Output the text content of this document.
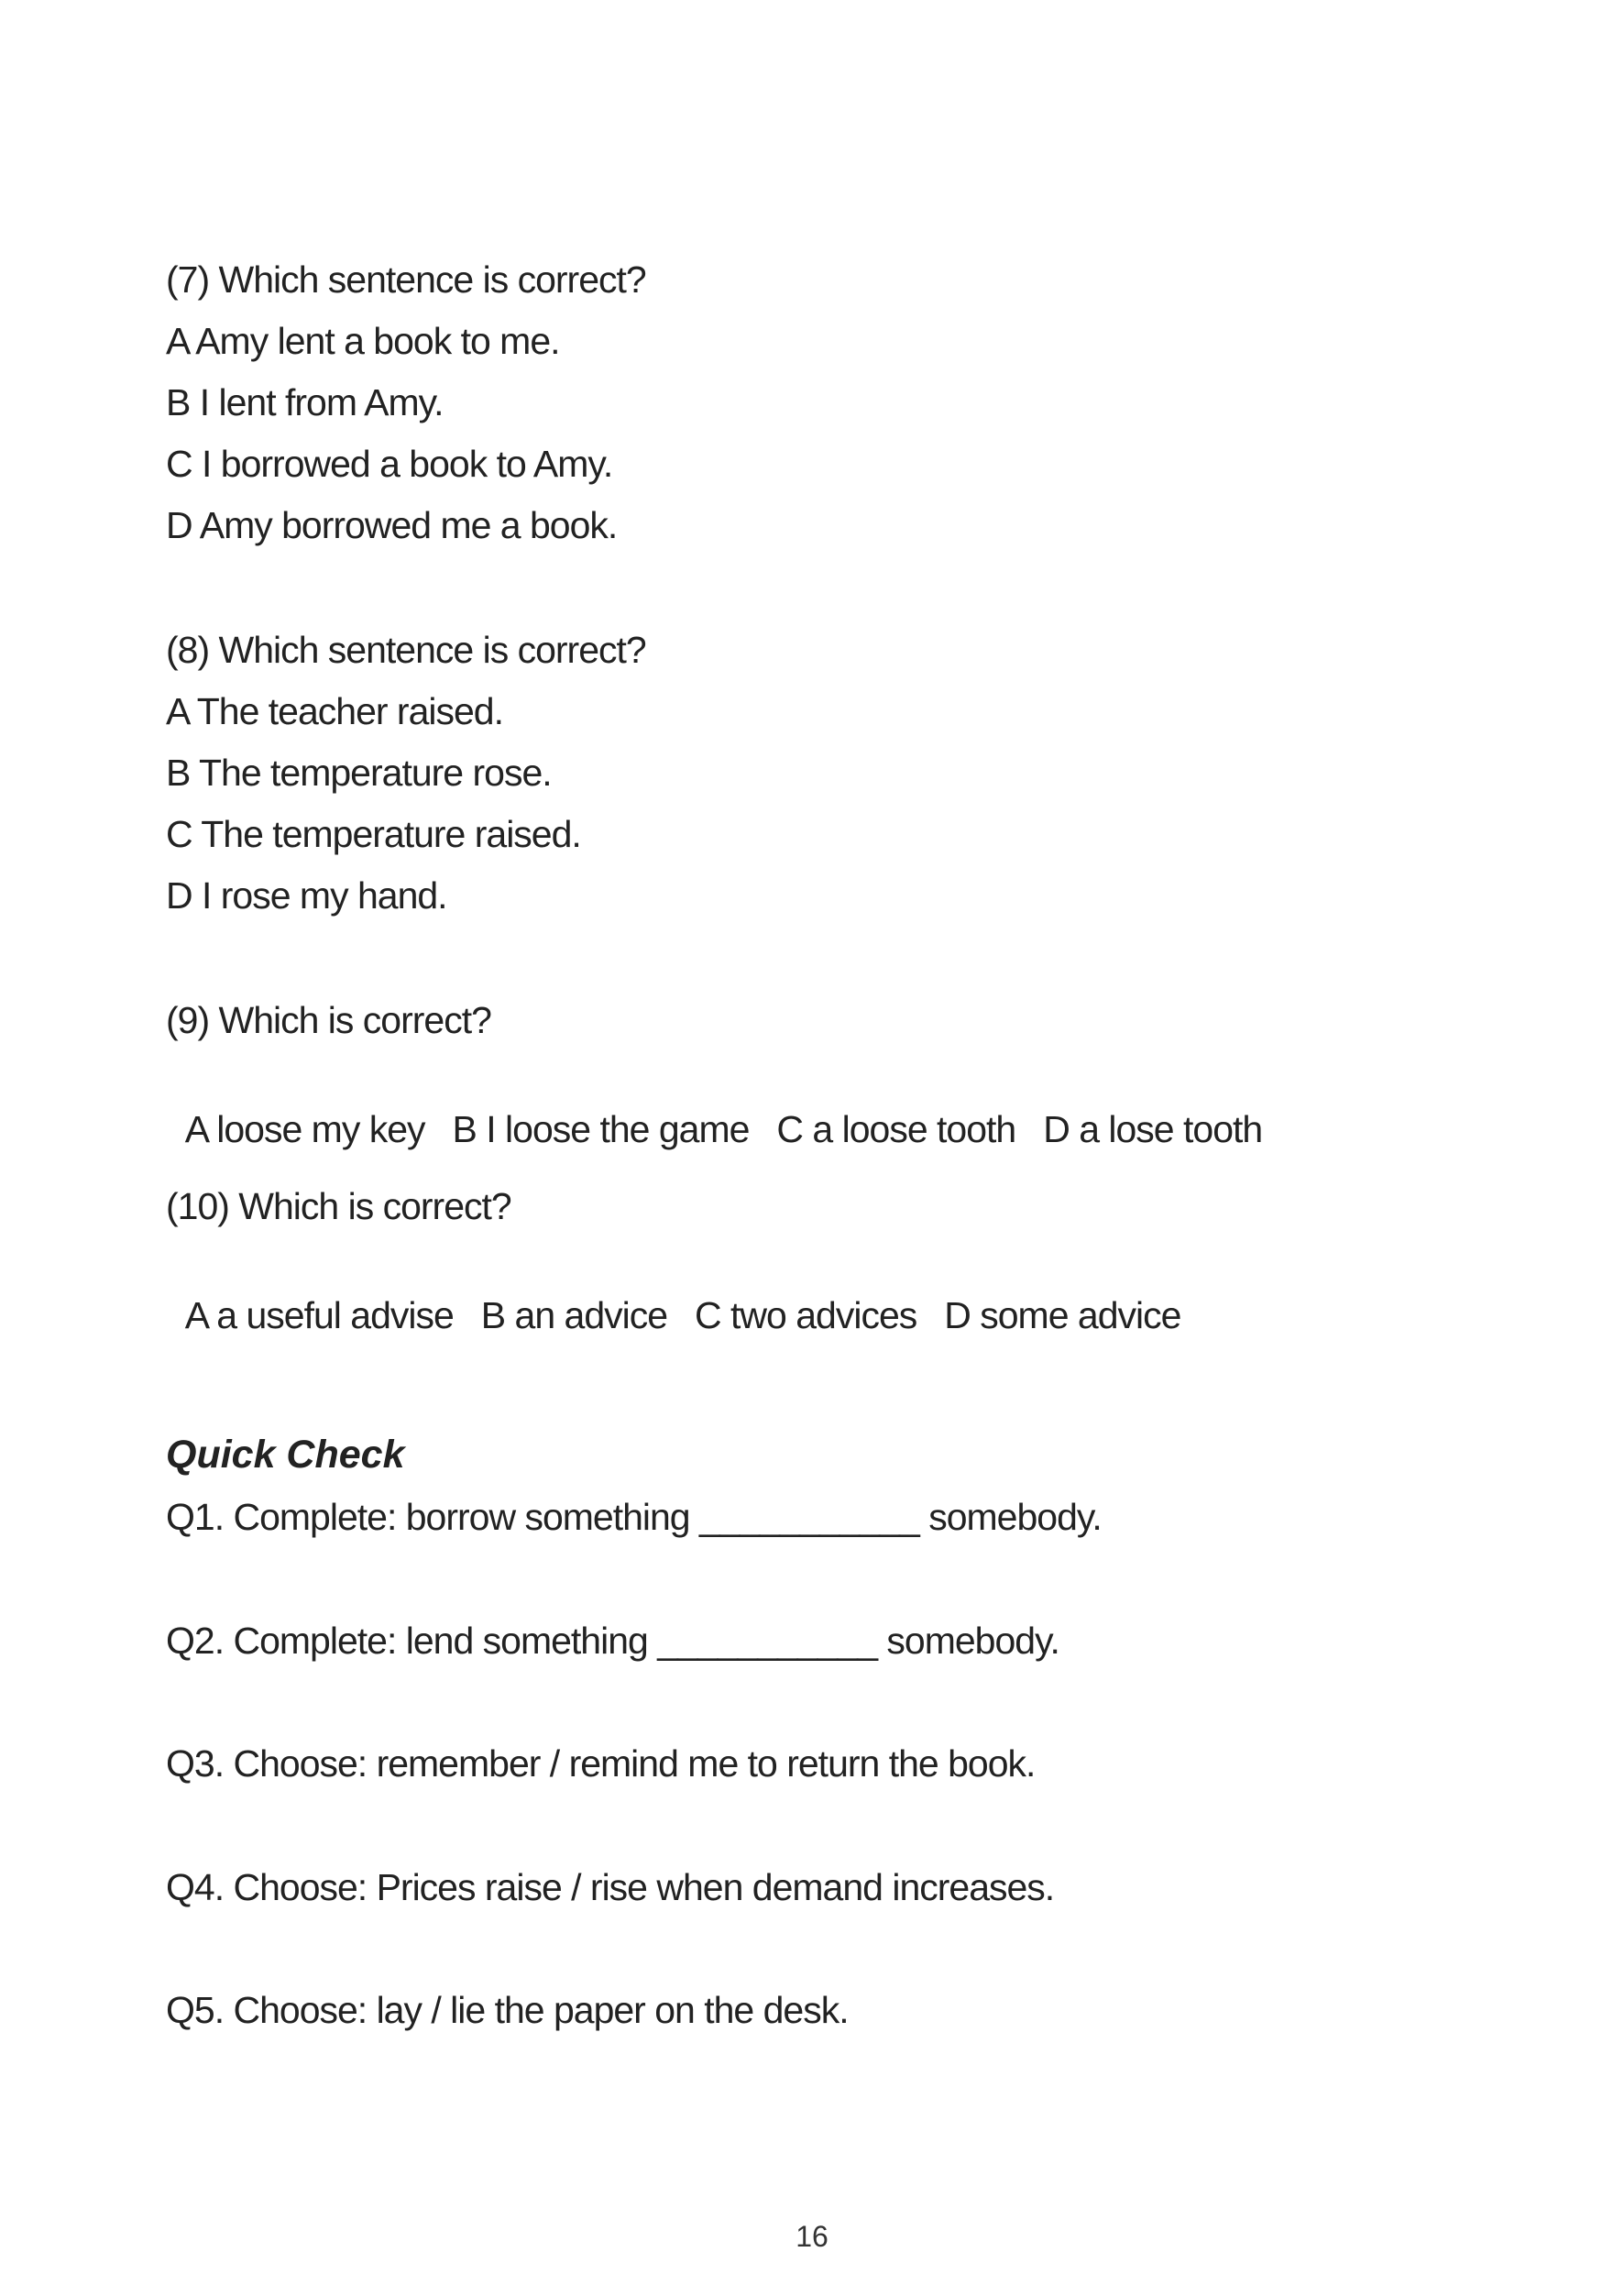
(7) Which sentence is correct?
A Amy lent a book to me.
B I lent from Amy.
C I borrowed a book to Amy.
D Amy borrowed me a book.
(8) Which sentence is correct?
A The teacher raised.
B The temperature rose.
C The temperature raised.
D I rose my hand.
(9) Which is correct?

A loose my key B I loose the game C a loose tooth D a lose tooth

(10) Which is correct?

A a useful advise B an advice C two advices D some advice

Quick Check
Q1. Complete: borrow something ___________ somebody.
Q2. Complete: lend something ___________ somebody.
Q3. Choose: remember / remind me to return the book.
Q4. Choose: Prices raise / rise when demand increases.
Q5. Choose: lay / lie the paper on the desk.
16
